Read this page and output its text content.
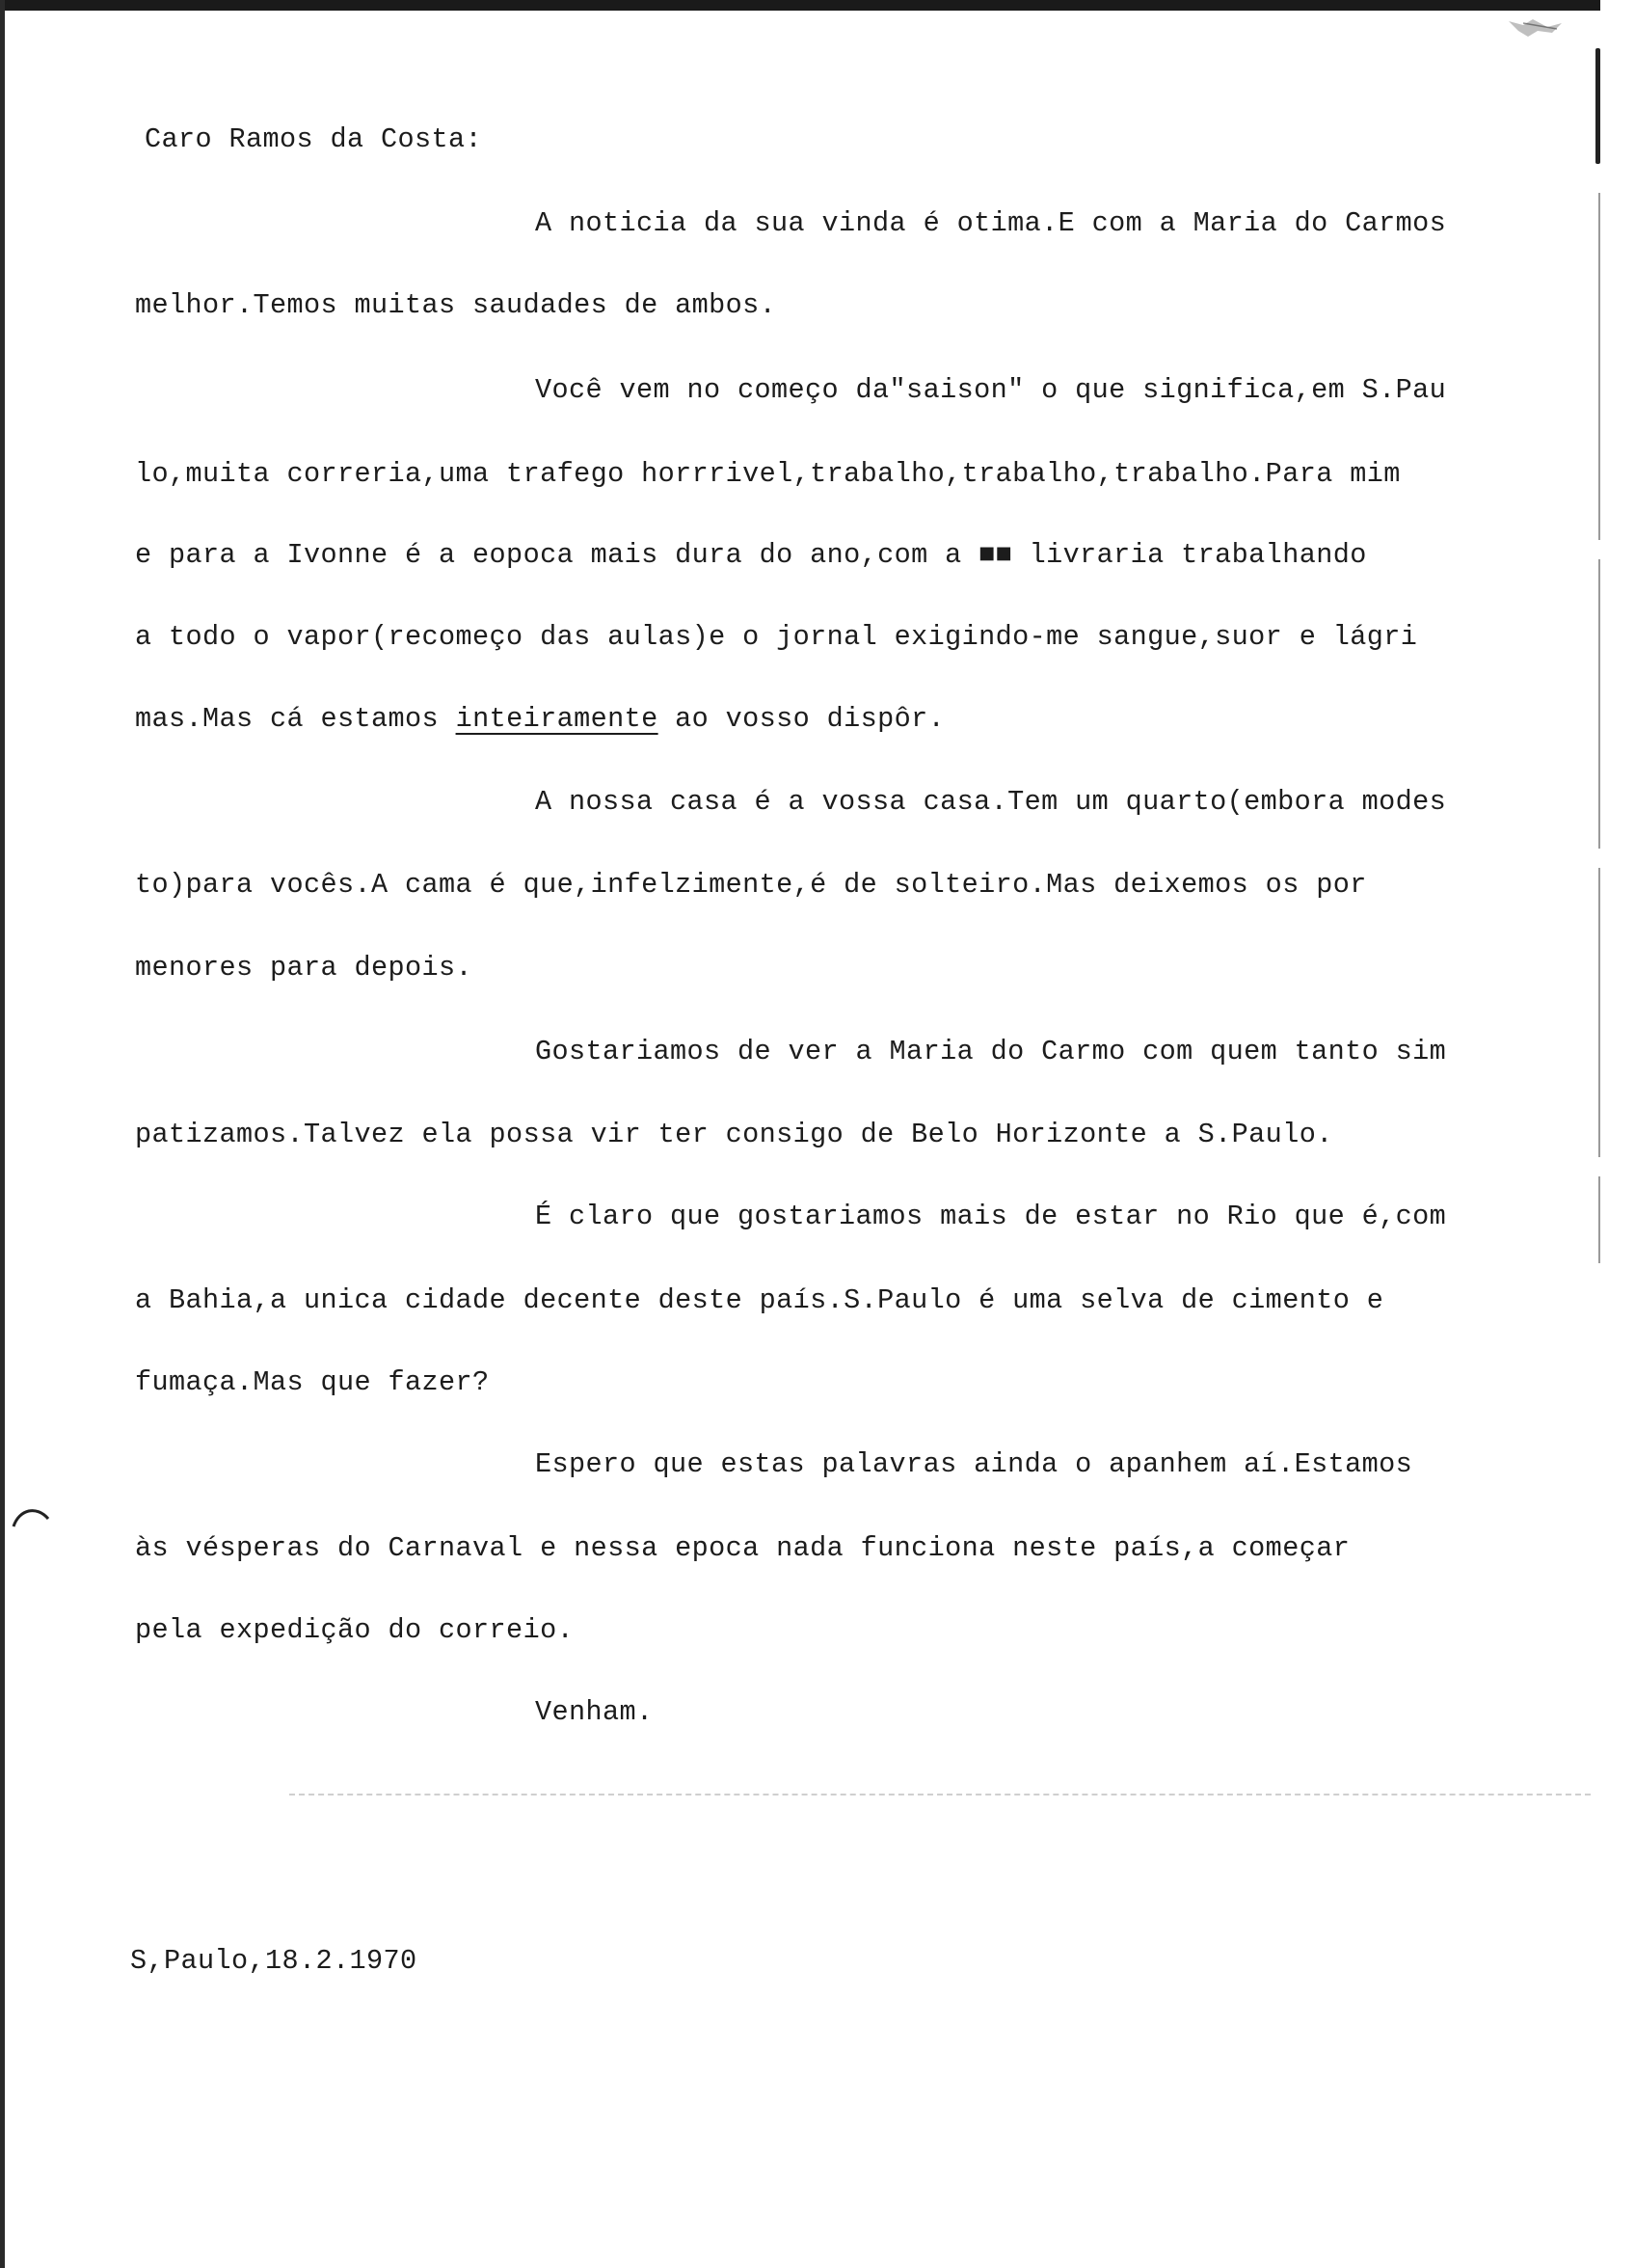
Caro Ramos da Costa:
A noticia da sua vinda é otima.E com a Maria do Carmos
melhor.Temos muitas saudades de ambos.
Você vem no começo da"saison" o que significa,em S.Pau
lo,muita correria,uma trafego horrrivel,trabalho,trabalho,trabalho.Para mim
e para a Ivonne é a eopoca mais dura do ano,com a ■■ livraria trabalhando
a todo o vapor(recomeço das aulas)e o jornal exigindo-me sangue,suor e lágri
mas.Mas cá estamos inteiramente ao vosso dispôr.
A nossa casa é a vossa casa.Tem um quarto(embora modes
to)para vocês.A cama é que,infelzimente,é de solteiro.Mas deixemos os por
menores para depois.
Gostariamos de ver a Maria do Carmo com quem tanto sim
patizamos.Talvez ela possa vir ter consigo de Belo Horizonte a S.Paulo.
É claro que gostariamos mais de estar no Rio que é,com
a Bahia,a unica cidade decente deste país.S.Paulo é uma selva de cimento e
fumaça.Mas que fazer?
Espero que estas palavras ainda o apanhem aí.Estamos
às vésperas do Carnaval e nessa epoca nada funciona neste país,a começar
pela expedição do correio.
Venham.
S,Paulo,18.2.1970
